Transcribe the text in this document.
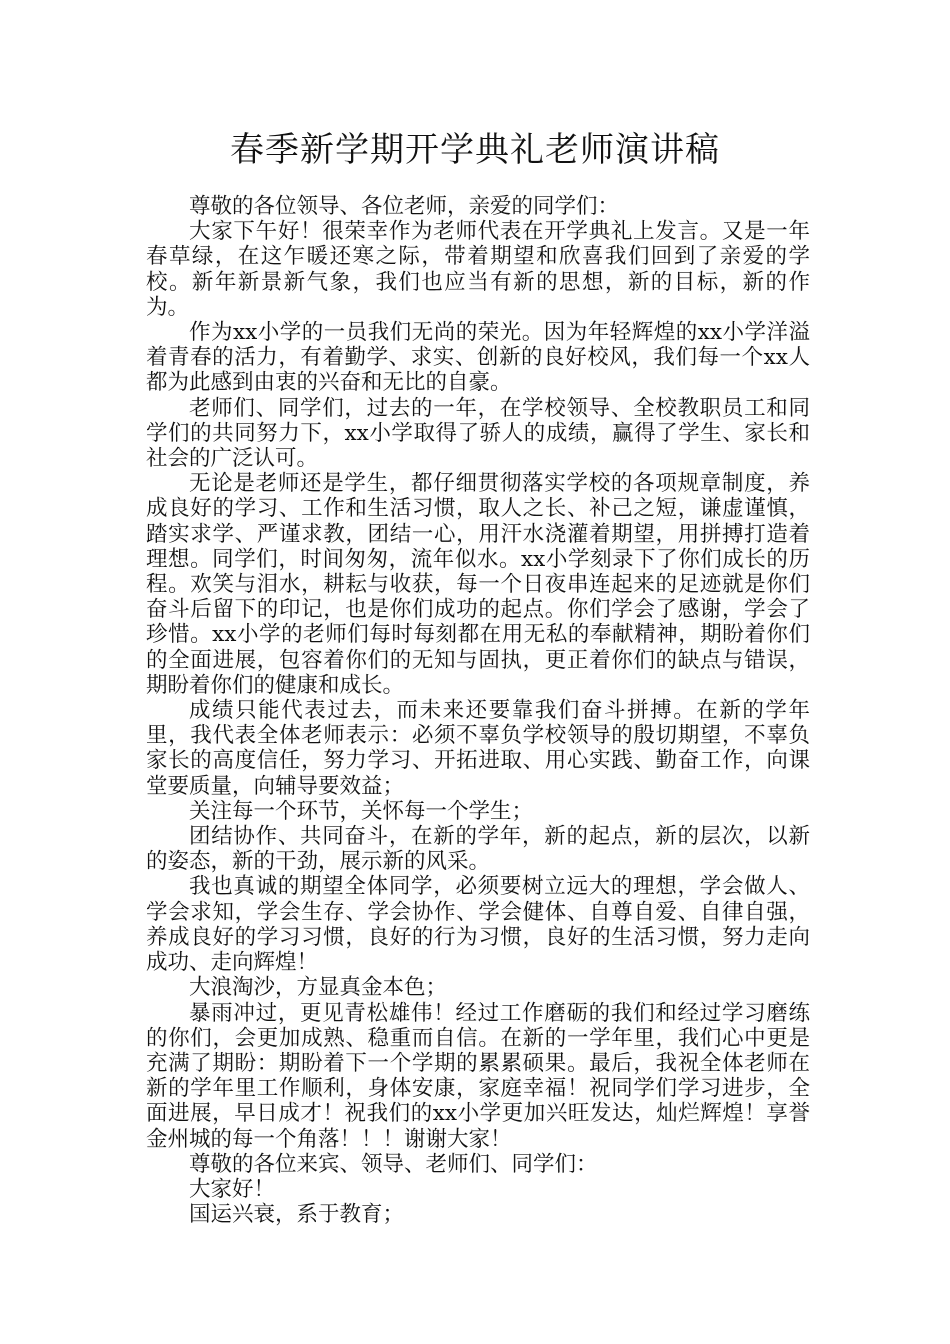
春季新学期开学典礼老师演讲稿

尊敬的各位领导、各位老师，亲爱的同学们：

大家下午好！很荣幸作为老师代表在开学典礼上发言。又是一年春草绿，在这乍暖还寒之际，带着期望和欣喜我们回到了亲爱的学校。新年新景新气象，我们也应当有新的思想，新的目标，新的作为。

作为xx小学的一员我们无尚的荣光。因为年轻辉煌的xx小学洋溢着青春的活力，有着勤学、求实、创新的良好校风，我们每一个xx人都为此感到由衷的兴奋和无比的自豪。

老师们、同学们，过去的一年，在学校领导、全校教职员工和同学们的共同努力下，xx小学取得了骄人的成绩，赢得了学生、家长和社会的广泛认可。

无论是老师还是学生，都仔细贯彻落实学校的各项规章制度，养成良好的学习、工作和生活习惯，取人之长、补己之短，谦虚谨慎，踏实求学、严谨求教，团结一心，用汗水浇灌着期望，用拼搏打造着理想。同学们，时间匆匆，流年似水。xx小学刻录下了你们成长的历程。欢笑与泪水，耕耘与收获，每一个日夜串连起来的足迹就是你们奋斗后留下的印记，也是你们成功的起点。你们学会了感谢，学会了珍惜。xx小学的老师们每时每刻都在用无私的奉献精神，期盼着你们的全面进展，包容着你们的无知与固执，更正着你们的缺点与错误，期盼着你们的健康和成长。

成绩只能代表过去，而未来还要靠我们奋斗拼搏。在新的学年里，我代表全体老师表示：必须不辜负学校领导的殷切期望，不辜负家长的高度信任，努力学习、开拓进取、用心实践、勤奋工作，向课堂要质量，向辅导要效益；

关注每一个环节，关怀每一个学生；

团结协作、共同奋斗，在新的学年，新的起点，新的层次，以新的姿态，新的干劲，展示新的风采。

我也真诚的期望全体同学，必须要树立远大的理想，学会做人、学会求知，学会生存、学会协作、学会健体、自尊自爱、自律自强，养成良好的学习习惯，良好的行为习惯，良好的生活习惯，努力走向成功、走向辉煌！

大浪淘沙，方显真金本色；

暴雨冲过，更见青松雄伟！经过工作磨砺的我们和经过学习磨练的你们，会更加成熟、稳重而自信。在新的一学年里，我们心中更是充满了期盼：期盼着下一个学期的累累硕果。最后，我祝全体老师在新的学年里工作顺利，身体安康，家庭幸福！祝同学们学习进步，全面进展，早日成才！祝我们的xx小学更加兴旺发达，灿烂辉煌！享誉金州城的每一个角落！！！谢谢大家！

尊敬的各位来宾、领导、老师们、同学们：

大家好！

国运兴衰，系于教育；
